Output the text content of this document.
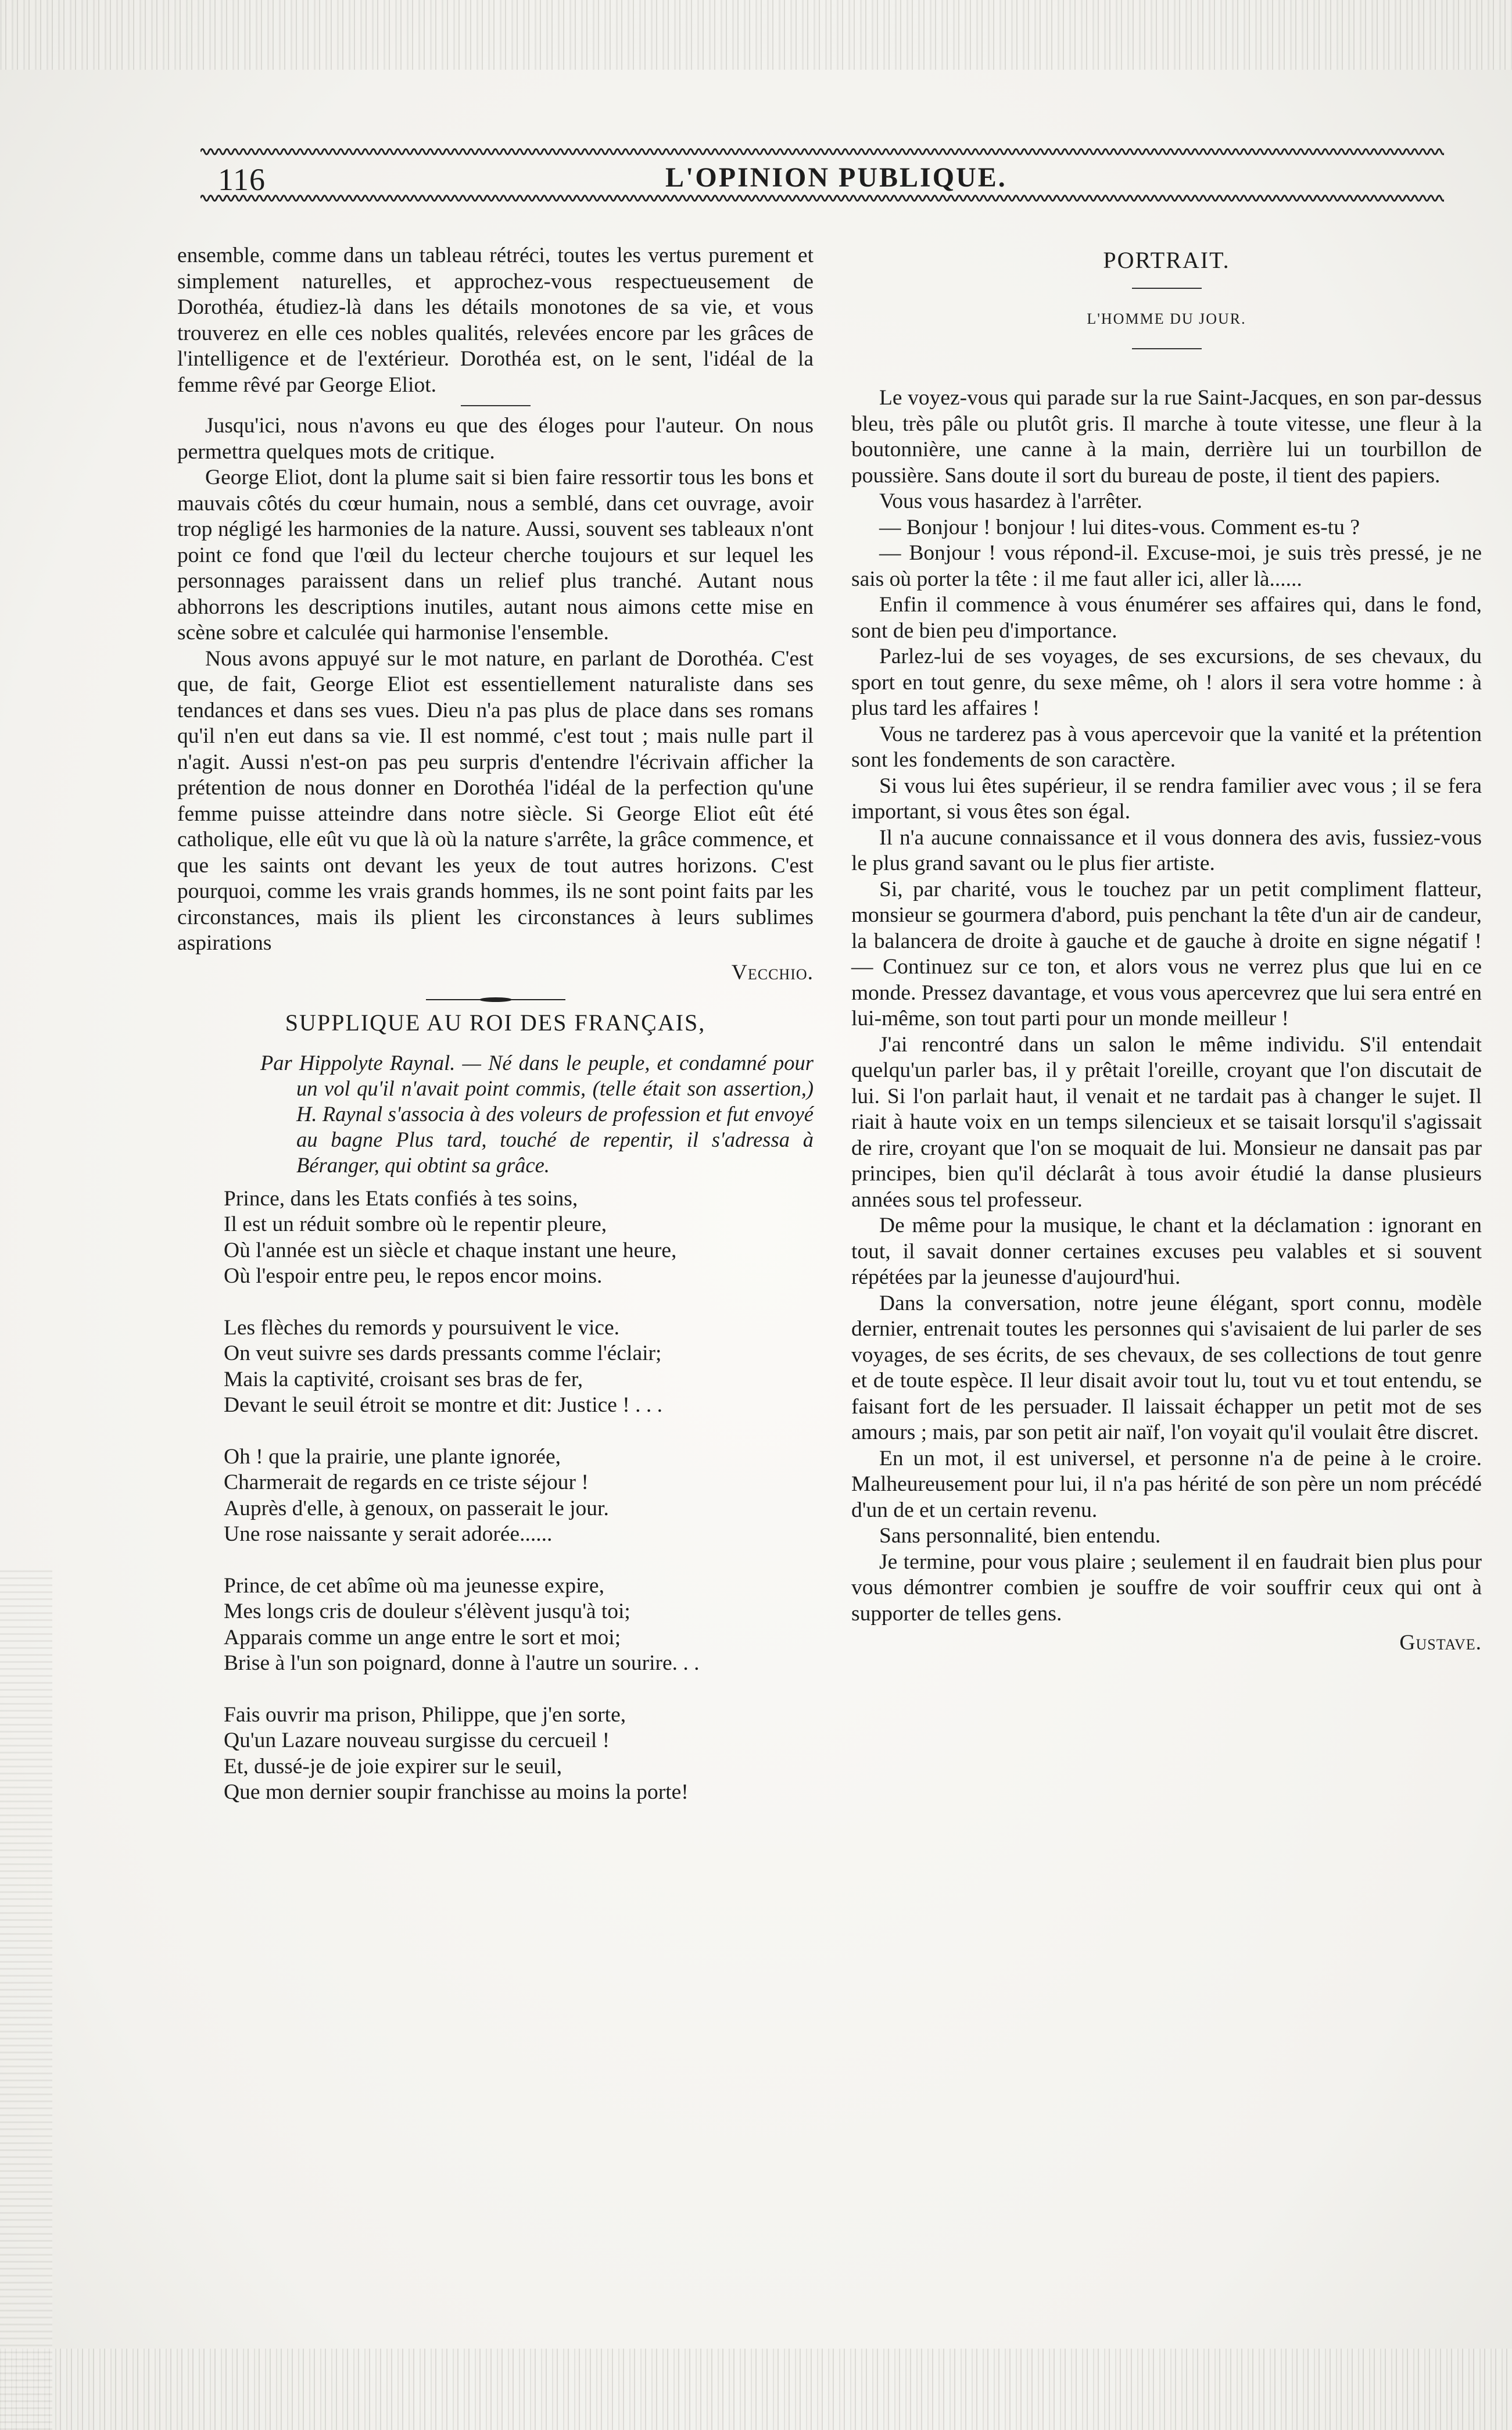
116	L'OPINION PUBLIQUE.

ensemble, comme dans un tableau rétréci, toutes les vertus purement et simplement naturelles, et approchez-vous respectueusement de Dorothéa, étudiez-là dans les détails monotones de sa vie, et vous trouverez en elle ces nobles qualités, relevées encore par les grâces de l'intelligence et de l'extérieur. Dorothéa est, on le sent, l'idéal de la femme rêvé par George Eliot.

Jusqu'ici, nous n'avons eu que des éloges pour l'auteur. On nous permettra quelques mots de critique.

George Eliot, dont la plume sait si bien faire ressortir tous les bons et mauvais côtés du cœur humain, nous a semblé, dans cet ouvrage, avoir trop négligé les harmonies de la nature. Aussi, souvent ses tableaux n'ont point ce fond que l'œil du lecteur cherche toujours et sur lequel les personnages paraissent dans un relief plus tranché. Autant nous abhorrons les descriptions inutiles, autant nous aimons cette mise en scène sobre et calculée qui harmonise l'ensemble.

Nous avons appuyé sur le mot nature, en parlant de Dorothéa. C'est que, de fait, George Eliot est essentiellement naturaliste dans ses tendances et dans ses vues. Dieu n'a pas plus de place dans ses romans qu'il n'en eut dans sa vie. Il est nommé, c'est tout ; mais nulle part il n'agit. Aussi n'est-on pas peu surpris d'entendre l'écrivain afficher la prétention de nous donner en Dorothéa l'idéal de la perfection qu'une femme puisse atteindre dans notre siècle. Si George Eliot eût été catholique, elle eût vu que là où la nature s'arrête, la grâce commence, et que les saints ont devant les yeux de tout autres horizons. C'est pourquoi, comme les vrais grands hommes, ils ne sont point faits par les circonstances, mais ils plient les circonstances à leurs sublimes aspirations

Vecchio.

SUPPLIQUE AU ROI DES FRANÇAIS,

Par Hippolyte Raynal. — Né dans le peuple, et condamné pour un vol qu'il n'avait point commis, (telle était son assertion,) H. Raynal s'associa à des voleurs de profession et fut envoyé au bagne Plus tard, touché de repentir, il s'adressa à Béranger, qui obtint sa grâce.

Prince, dans les Etats confiés à tes soins,
Il est un réduit sombre où le repentir pleure,
Où l'année est un siècle et chaque instant une heure,
Où l'espoir entre peu, le repos encor moins.
Les flèches du remords y poursuivent le vice.
On veut suivre ses dards pressants comme l'éclair;
Mais la captivité, croisant ses bras de fer,
Devant le seuil étroit se montre et dit: Justice ! . . .
Oh ! que la prairie, une plante ignorée,
Charmerait de regards en ce triste séjour !
Auprès d'elle, à genoux, on passerait le jour.
Une rose naissante y serait adorée......
Prince, de cet abîme où ma jeunesse expire,
Mes longs cris de douleur s'élèvent jusqu'à toi;
Apparais comme un ange entre le sort et moi;
Brise à l'un son poignard, donne à l'autre un sourire. . .
Fais ouvrir ma prison, Philippe, que j'en sorte,
Qu'un Lazare nouveau surgisse du cercueil !
Et, dussé-je de joie expirer sur le seuil,
Que mon dernier soupir franchisse au moins la porte!
PORTRAIT.
L'HOMME DU JOUR.

Le voyez-vous qui parade sur la rue Saint-Jacques, en son par-dessus bleu, très pâle ou plutôt gris. Il marche à toute vitesse, une fleur à la boutonnière, une canne à la main, derrière lui un tourbillon de poussière. Sans doute il sort du bureau de poste, il tient des papiers.

Vous vous hasardez à l'arrêter.

— Bonjour ! bonjour ! lui dites-vous. Comment es-tu ?

— Bonjour ! vous répond-il. Excuse-moi, je suis très pressé, je ne sais où porter la tête : il me faut aller ici, aller là......

Enfin il commence à vous énumérer ses affaires qui, dans le fond, sont de bien peu d'importance.

Parlez-lui de ses voyages, de ses excursions, de ses chevaux, du sport en tout genre, du sexe même, oh ! alors il sera votre homme : à plus tard les affaires !

Vous ne tarderez pas à vous apercevoir que la vanité et la prétention sont les fondements de son caractère.

Si vous lui êtes supérieur, il se rendra familier avec vous ; il se fera important, si vous êtes son égal.

Il n'a aucune connaissance et il vous donnera des avis, fussiez-vous le plus grand savant ou le plus fier artiste.

Si, par charité, vous le touchez par un petit compliment flatteur, monsieur se gourmera d'abord, puis penchant la tête d'un air de candeur, la balancera de droite à gauche et de gauche à droite en signe négatif ! — Continuez sur ce ton, et alors vous ne verrez plus que lui en ce monde. Pressez davantage, et vous vous apercevrez que lui sera entré en lui-même, son tout parti pour un monde meilleur !

J'ai rencontré dans un salon le même individu. S'il entendait quelqu'un parler bas, il y prêtait l'oreille, croyant que l'on discutait de lui. Si l'on parlait haut, il venait et ne tardait pas à changer le sujet. Il riait à haute voix en un temps silencieux et se taisait lorsqu'il s'agissait de rire, croyant que l'on se moquait de lui. Monsieur ne dansait pas par principes, bien qu'il déclarât à tous avoir étudié la danse plusieurs années sous tel professeur.

De même pour la musique, le chant et la déclamation : ignorant en tout, il savait donner certaines excuses peu valables et si souvent répétées par la jeunesse d'aujourd'hui.

Dans la conversation, notre jeune élégant, sport connu, modèle dernier, entrenait toutes les personnes qui s'avisaient de lui parler de ses voyages, de ses écrits, de ses chevaux, de ses collections de tout genre et de toute espèce. Il leur disait avoir tout lu, tout vu et tout entendu, se faisant fort de les persuader. Il laissait échapper un petit mot de ses amours ; mais, par son petit air naïf, l'on voyait qu'il voulait être discret.

En un mot, il est universel, et personne n'a de peine à le croire. Malheureusement pour lui, il n'a pas hérité de son père un nom précédé d'un de et un certain revenu.

Sans personnalité, bien entendu.

Je termine, pour vous plaire ; seulement il en faudrait bien plus pour vous démontrer combien je souffre de voir souffrir ceux qui ont à supporter de telles gens.

Gustave.
